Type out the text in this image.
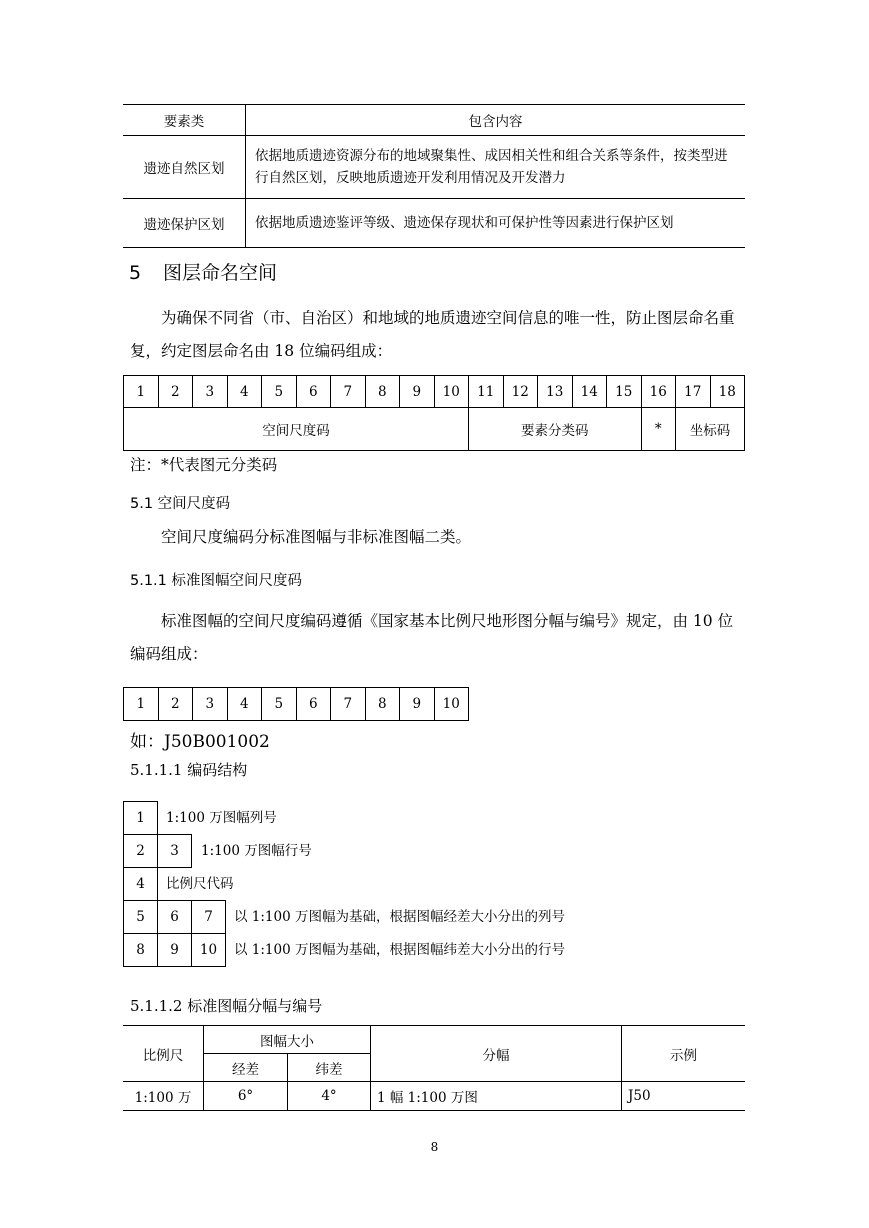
要素类	包含内容
遗迹自然区划	依据地质遗迹资源分布的地域聚集性、成因相关性和组合关系等条件，按类型进行自然区划，反映地质遗迹开发利用情况及开发潜力
遗迹保护区划	依据地质遗迹鉴评等级、遗迹保存现状和可保护性等因素进行保护区划
5 图层命名空间
为确保不同省（市、自治区）和地域的地质遗迹空间信息的唯一性，防止图层命名重复，约定图层命名由 18 位编码组成：
1	2	3	4	5	6	7	8	9	10	11	12	13	14	15	16	17	18
空间尺度码										要素分类码					*	坐标码	
注：*代表图元分类码
5.1 空间尺度码
空间尺度编码分标准图幅与非标准图幅二类。
5.1.1 标准图幅空间尺度码
标准图幅的空间尺度编码遵循《国家基本比例尺地形图分幅与编号》规定，由 10 位编码组成：
1	2	3	4	5	6	7	8	9	10
如：J50B001002
5.1.1.1 编码结构
1	1:100 万图幅列号
2	3	1:100 万图幅行号
4	比例尺代码
5	6	7	以 1:100 万图幅为基础，根据图幅经差大小分出的列号
8	9	10	以 1:100 万图幅为基础，根据图幅纬差大小分出的行号
5.1.1.2 标准图幅分幅与编号
比例尺	图幅大小		分幅	示例
	经差	纬差		
1:100 万	6°	4°	1 幅 1:100 万图	J50
8
